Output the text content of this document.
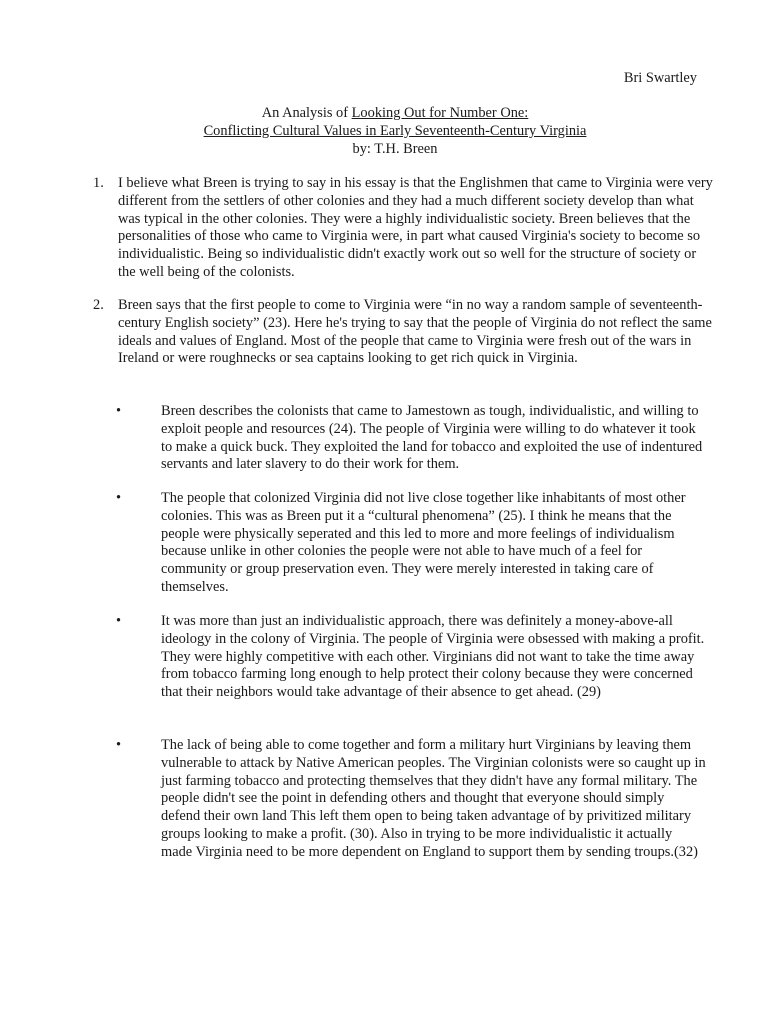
Bri Swartley
An Analysis of Looking Out for Number One:
Conflicting Cultural Values in Early Seventeenth-Century Virginia
by: T.H. Breen
1. I believe what Breen is trying to say in his essay is that the Englishmen that came to Virginia were very different from the settlers of other colonies and they had a much different society develop than what was typical in the other colonies. They were a highly individualistic society. Breen believes that the personalities of those who came to Virginia were, in part what caused Virginia's society to become so individualistic. Being so individualistic didn't exactly work out so well for the structure of society or the well being of the colonists.
2. Breen says that the first people to come to Virginia were “in no way a random sample of seventeenth-century English society” (23). Here he's trying to say that the people of Virginia do not reflect the same ideals and values of England. Most of the people that came to Virginia were fresh out of the wars in Ireland or were roughnecks or sea captains looking to get rich quick in Virginia.
•	Breen describes the colonists that came to Jamestown as tough, individualistic, and willing to exploit people and resources (24). The people of Virginia were willing to do whatever it took to make a quick buck. They exploited the land for tobacco and exploited the use of indentured servants and later slavery to do their work for them.
•	The people that colonized Virginia did not live close together like inhabitants of most other colonies. This was as Breen put it a “cultural phenomena” (25). I think he means that the people were physically seperated and this led to more and more feelings of individualism because unlike in other colonies the people were not able to have much of a feel for community or group preservation even. They were merely interested in taking care of themselves.
•	It was more than just an individualistic approach, there was definitely a money-above-all ideology in the colony of Virginia. The people of Virginia were obsessed with making a profit. They were highly competitive with each other. Virginians did not want to take the time away from tobacco farming long enough to help protect their colony because they were concerned that their neighbors would take advantage of their absence to get ahead. (29)
•	The lack of being able to come together and form a military hurt Virginians by leaving them vulnerable to attack by Native American peoples. The Virginian colonists were so caught up in just farming tobacco and protecting themselves that they didn't have any formal military. The people didn't see the point in defending others and thought that everyone should simply defend their own land This left them open to being taken advantage of by privitized military groups looking to make a profit. (30). Also in trying to be more individualistic it actually made Virginia need to be more dependent on England to support them by sending troups.(32)
